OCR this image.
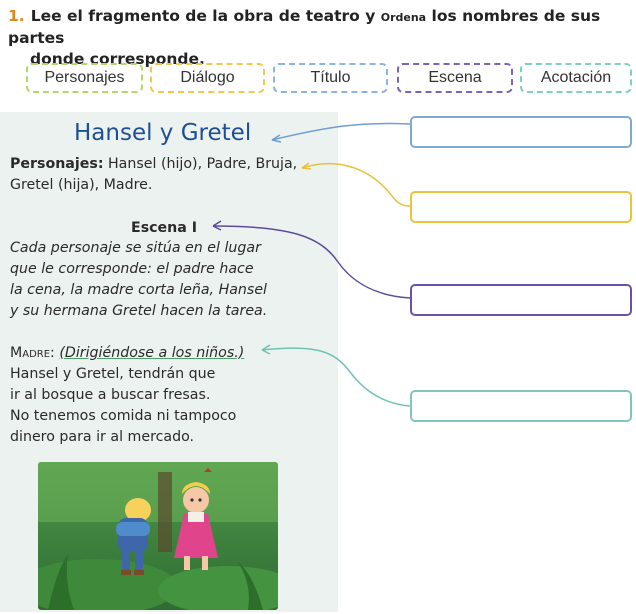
1. Lee el fragmento de la obra de teatro y Ordena los nombres de sus partes
donde corresponde.
Personajes	Diálogo	Título	Escena	Acotación
Hansel y Gretel
Personajes: Hansel (hijo), Padre, Bruja,
Gretel (hija), Madre.
Escena I
Cada personaje se sitúa en el lugar
que le corresponde: el padre hace
la cena, la madre corta leña, Hansel
y su hermana Gretel hacen la tarea.
Madre: (Dirigiéndose a los niños.)
Hansel y Gretel, tendrán que
ir al bosque a buscar fresas.
No tenemos comida ni tampoco
dinero para ir al mercado.
